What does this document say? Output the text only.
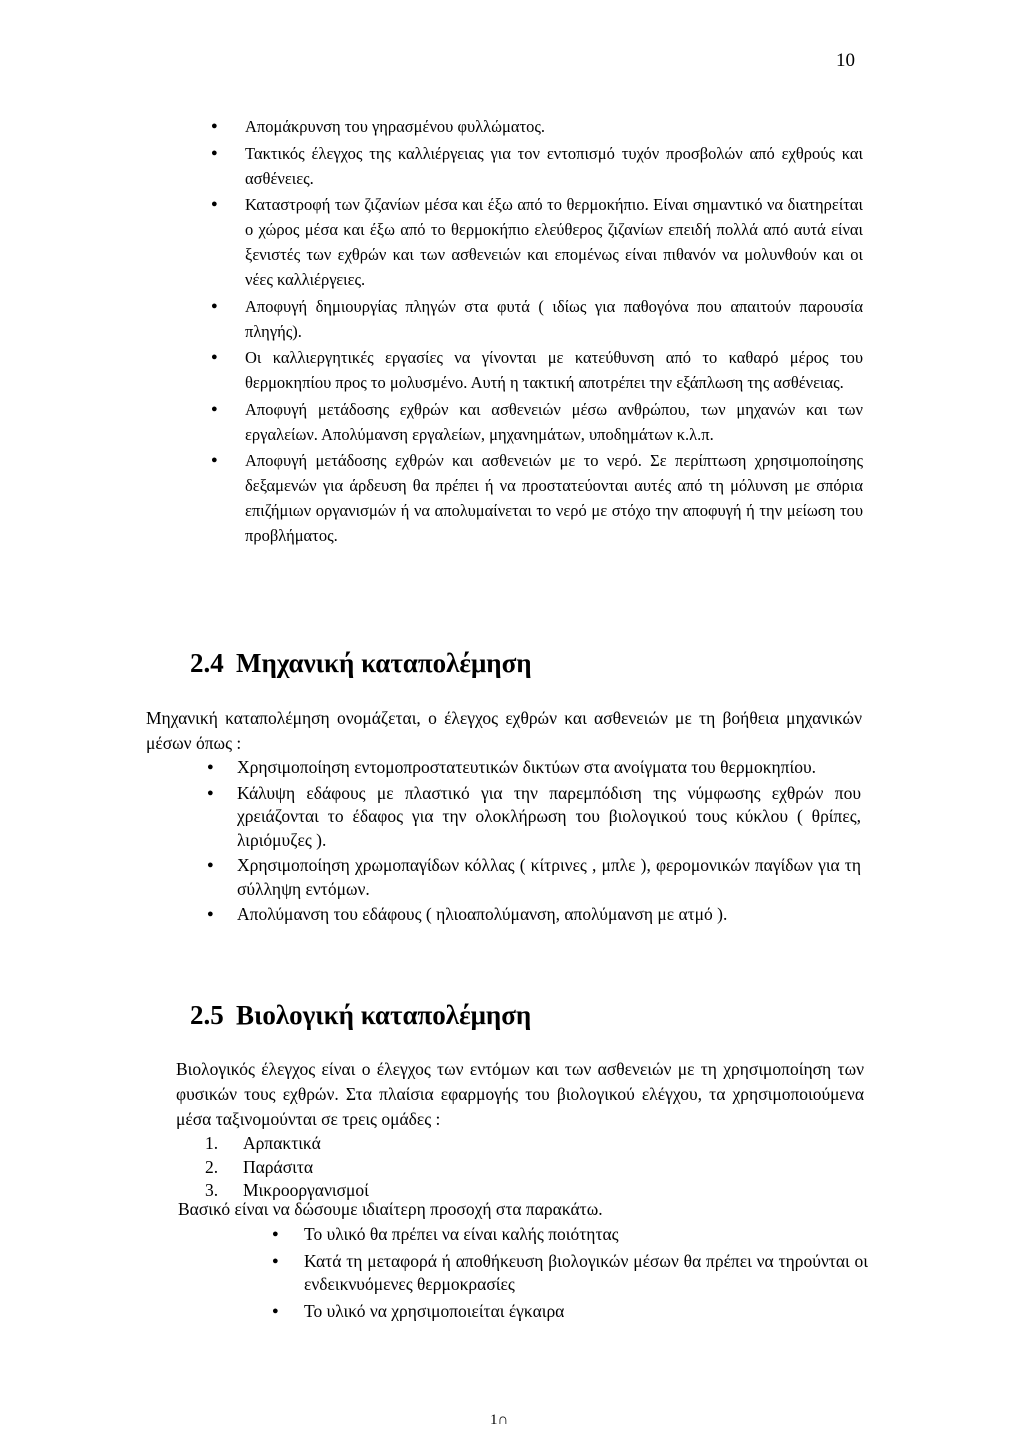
10
● Απομάκρυνση του γηρασμένου φυλλώματος.
● Τακτικός έλεγχος της καλλιέργειας για τον εντοπισμό τυχόν προσβολών από εχθρούς και ασθένειες.
● Καταστροφή των ζιζανίων μέσα και έξω από το θερμοκήπιο. Είναι σημαντικό να διατηρείται ο χώρος μέσα και έξω από το θερμοκήπιο ελεύθερος ζιζανίων επειδή πολλά από αυτά είναι ξενιστές των εχθρών και των ασθενειών και επομένως είναι πιθανόν να μολυνθούν και οι νέες καλλιέργειες.
● Αποφυγή δημιουργίας πληγών στα φυτά ( ιδίως για παθογόνα που απαιτούν παρουσία πληγής).
● Οι καλλιεργητικές εργασίες να γίνονται με κατεύθυνση από το καθαρό μέρος του θερμοκηπίου προς το μολυσμένο. Αυτή η τακτική αποτρέπει την εξάπλωση της ασθένειας.
● Αποφυγή μετάδοσης εχθρών και ασθενειών μέσω ανθρώπου, των μηχανών και των εργαλείων. Απολύμανση εργαλείων, μηχανημάτων, υποδημάτων κ.λ.π.
● Αποφυγή μετάδοσης εχθρών και ασθενειών με το νερό. Σε περίπτωση χρησιμοποίησης δεξαμενών για άρδευση θα πρέπει ή να προστατεύονται αυτές από τη μόλυνση με σπόρια επιζήμιων οργανισμών ή να απολυμαίνεται το νερό με στόχο την αποφυγή ή την μείωση του προβλήματος.
2.4 Μηχανική καταπολέμηση
Μηχανική καταπολέμηση ονομάζεται, ο έλεγχος εχθρών και ασθενειών με τη βοήθεια μηχανικών μέσων όπως :
● Χρησιμοποίηση εντομοπροστατευτικών δικτύων στα ανοίγματα του θερμοκηπίου.
● Κάλυψη εδάφους με πλαστικό για την παρεμπόδιση της νύμφωσης εχθρών που χρειάζονται το έδαφος για την ολοκλήρωση του βιολογικού τους κύκλου ( θρίπες, λιριόμυζες ).
● Χρησιμοποίηση χρωμοπαγίδων κόλλας ( κίτρινες , μπλε ), φερομονικών παγίδων για τη σύλληψη εντόμων.
● Απολύμανση του εδάφους ( ηλιοαπολύμανση, απολύμανση με ατμό ).
2.5 Βιολογική καταπολέμηση
Βιολογικός έλεγχος είναι ο έλεγχος των εντόμων και των ασθενειών με τη χρησιμοποίηση των φυσικών τους εχθρών. Στα πλαίσια εφαρμογής του βιολογικού ελέγχου, τα χρησιμοποιούμενα μέσα ταξινομούνται σε τρεις ομάδες :
1. Αρπακτικά
2. Παράσιτα
3. Μικροοργανισμοί
Βασικό είναι να δώσουμε ιδιαίτερη προσοχή στα παρακάτω.
● Το υλικό θα πρέπει να είναι καλής ποιότητας
● Κατά τη μεταφορά ή αποθήκευση βιολογικών μέσων θα πρέπει να τηρούνται οι ενδεικνυόμενες θερμοκρασίες
● Το υλικό να χρησιμοποιείται έγκαιρα
1∩
